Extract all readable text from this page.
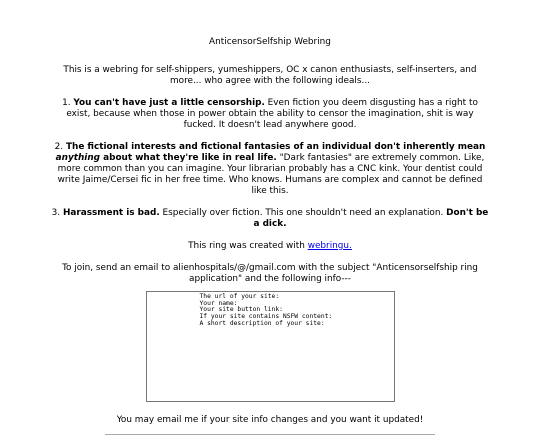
AnticensorSelfship Webring

This is a webring for self-shippers, yumeshippers, OC x canon enthusiasts, self-inserters, and more... who agree with the following ideals...

1. You can't have just a little censorship. Even fiction you deem disgusting has a right to exist, because when those in power obtain the ability to censor the imagination, shit is way fucked. It doesn't lead anywhere good.

2. The fictional interests and fictional fantasies of an individual don't inherently mean anything about what they're like in real life. "Dark fantasies" are extremely common. Like, more common than you can imagine. Your librarian probably has a CNC kink. Your dentist could write Jaime/Cersei fic in her free time. Who knows. Humans are complex and cannot be defined like this.

3. Harassment is bad. Especially over fiction. This one shouldn't need an explanation. Don't be a dick.

This ring was created with webringu.

To join, send an email to alienhospitals/@/gmail.com with the subject "Anticensorselfship ring application" and the following info---

The url of your site: Your name: Your site button link: If your site contains NSFW content: A short description of your site:
You may email me if your site info changes and you want it updated!
